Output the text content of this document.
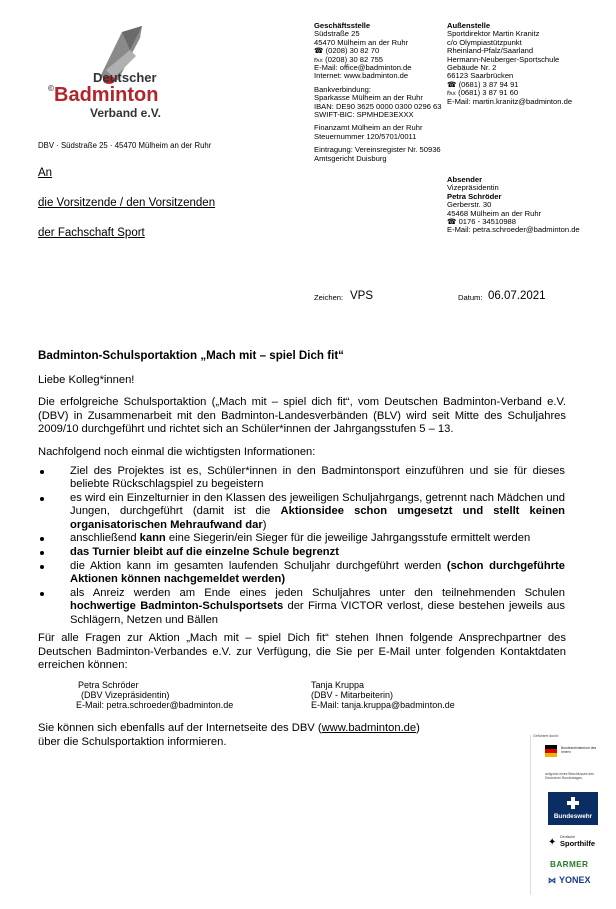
Deutscher
© Badminton
Verband e.V.
DBV · Südstraße 25 · 45470 Mülheim an der Ruhr
An
die Vorsitzende / den Vorsitzenden
der Fachschaft Sport
Geschäftsstelle
Südstraße 25
45470 Mülheim an der Ruhr
☎ (0208) 30 82 70
℻ (0208) 30 82 755
E-Mail: office@badminton.de
Internet: www.badminton.de
Bankverbindung:
Sparkasse Mülheim an der Ruhr
IBAN: DE90 3625 0000 0300 0296 63
SWIFT-BIC: SPMHDE3EXXX
Finanzamt Mülheim an der Ruhr
Steuernummer 120/5701/0011
Eintragung: Vereinsregister Nr. 50936
Amtsgericht Duisburg
Außenstelle
Sportdirektor Martin Kranitz
c/o Olympiastützpunkt
Rheinland-Pfalz/Saarland
Hermann-Neuberger-Sportschule
Gebäude Nr. 2
66123 Saarbrücken
☎ (0681) 3 87 94 91
℻ (0681) 3 87 91 60
E-Mail: martin.kranitz@badminton.de
Absender
Vizepräsidentin
Petra Schröder
Gerberstr. 30
45468 Mülheim an der Ruhr
☎ 0176 - 34510988
E-Mail: petra.schroeder@badminton.de
Zeichen: VPS	Datum: 06.07.2021
Badminton-Schulsportaktion „Mach mit – spiel Dich fit“
Liebe Kolleg*innen!
Die erfolgreiche Schulsportaktion („Mach mit – spiel dich fit“, vom Deutschen Badminton-Verband e.V. (DBV) in Zusammenarbeit mit den Badminton-Landesverbänden (BLV) wird seit Mitte des Schuljahres 2009/10 durchgeführt und richtet sich an Schüler*innen der Jahrgangsstufen 5 – 13.
Nachfolgend noch einmal die wichtigsten Informationen:
Ziel des Projektes ist es, Schüler*innen in den Badmintonsport einzuführen und sie für dieses beliebte Rückschlagspiel zu begeistern
es wird ein Einzelturnier in den Klassen des jeweiligen Schuljahrgangs, getrennt nach Mädchen und Jungen, durchgeführt (damit ist die Aktionsidee schon umgesetzt und stellt keinen organisatorischen Mehraufwand dar)
anschließend kann eine Siegerin/ein Sieger für die jeweilige Jahrgangsstufe ermittelt werden
das Turnier bleibt auf die einzelne Schule begrenzt
die Aktion kann im gesamten laufenden Schuljahr durchgeführt werden (schon durchgeführte Aktionen können nachgemeldet werden)
als Anreiz werden am Ende eines jeden Schuljahres unter den teilnehmenden Schulen hochwertige Badminton-Schulsportsets der Firma VICTOR verlost, diese bestehen jeweils aus Schlägern, Netzen und Bällen
Für alle Fragen zur Aktion „Mach mit – spiel Dich fit“ stehen Ihnen folgende Ansprechpartner des Deutschen Badminton-Verbandes e.V. zur Verfügung, die Sie per E-Mail unter folgenden Kontaktdaten erreichen können:
Petra Schröder
(DBV Vizepräsidentin)
E-Mail: petra.schroeder@badminton.de
Tanja Kruppa
(DBV - Mitarbeiterin)
E-Mail: tanja.kruppa@badminton.de
Sie können sich ebenfalls auf der Internetseite des DBV (www.badminton.de)
über die Schulsportaktion informieren.	Gefördert durch:
Bundesministerium des Innern
aufgrund eines Beschlusses des Deutschen Bundestages
Bundeswehr
✦ Deutsche
Sporthilfe
BARMER
⋈ YONEX
